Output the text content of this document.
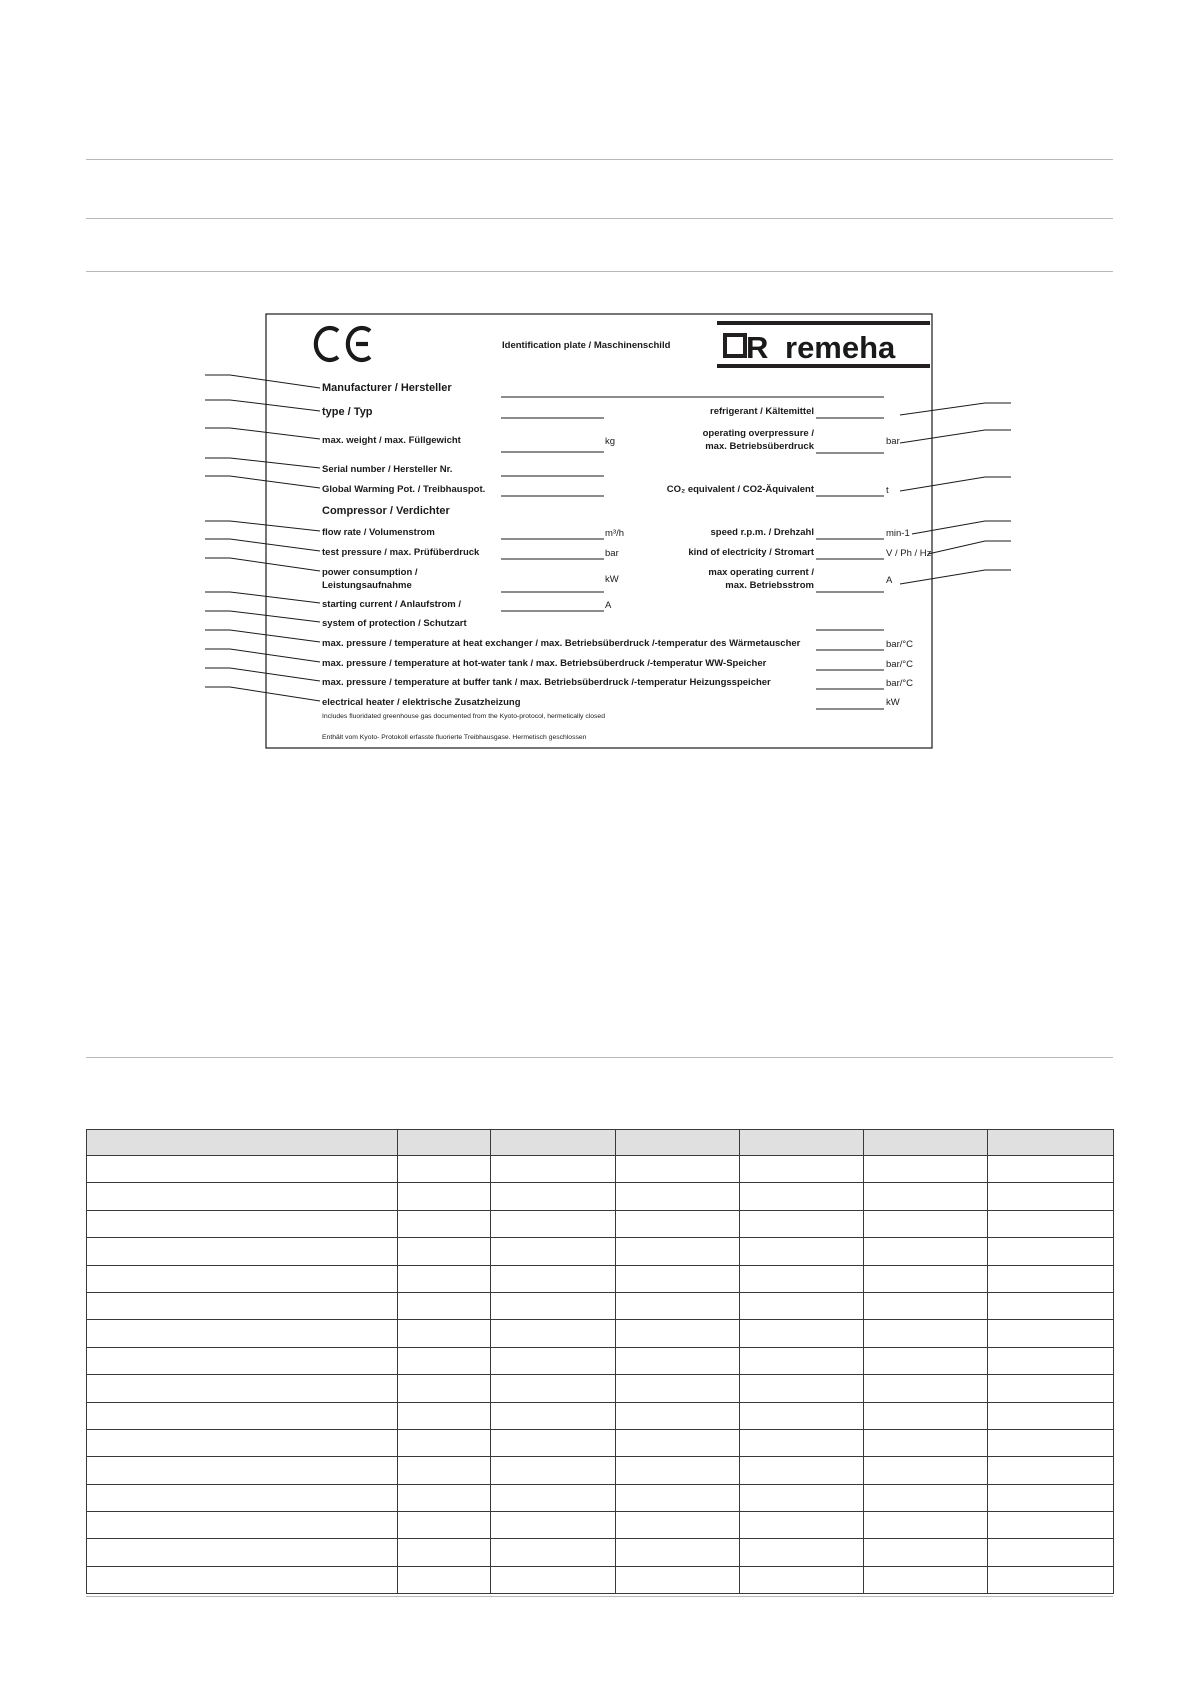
Identification plate / Maschinenschild R remeha
Manufacturer / Hersteller
type / Typ
max. weight / max. Füllgewicht	kg
Serial number / Hersteller Nr.
Global Warming Pot. / Treibhauspot.
Compressor / Verdichter
flow rate / Volumenstrom	m³/h
test pressure / max. Prüfüberdruck	bar
power consumption /
Leistungsaufnahme
kW
starting current / Anlaufstrom /	A
system of protection / Schutzart
refrigerant / Kältemittel
operating overpressure /
max. Betriebsüberdruck	bar
CO₂ equivalent / CO2-Äquivalent	t
speed r.p.m. / Drehzahl	min-1
kind of electricity / Stromart	V / Ph / Hz
max operating current /
max. Betriebsstrom	A
max. pressure / temperature at heat exchanger / max. Betriebsüberdruck /-temperatur des Wärmetauscher	bar/°C
max. pressure / temperature at hot-water tank / max. Betriebsüberdruck /-temperatur WW-Speicher	bar/°C
max. pressure / temperature at buffer tank / max. Betriebsüberdruck /-temperatur Heizungsspeicher	bar/°C
electrical heater / elektrische Zusatzheizung	kW
Includes fluoridated greenhouse gas documented from the Kyoto-protocol, hermetically closed
Enthält vom Kyoto- Protokoll erfasste fluorierte Treibhausgase. Hermetisch geschlossen
